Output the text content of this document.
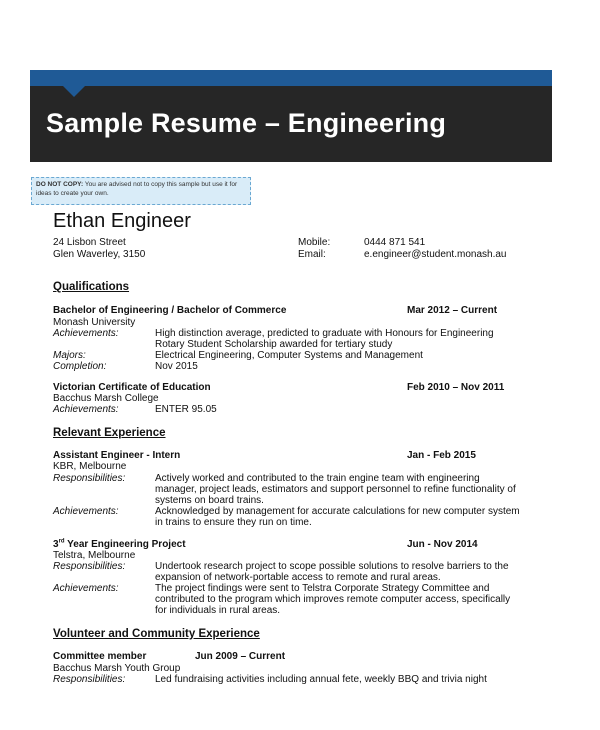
Sample Resume – Engineering
DO NOT COPY: You are advised not to copy this sample but use it for ideas to create your own.
Ethan Engineer
24 Lisbon Street
Glen Waverley, 3150
Mobile:	0444 871 541
Email:	e.engineer@student.monash.au
Qualifications
Bachelor of Engineering / Bachelor of Commerce	Mar 2012 – Current
Monash University
Achievements:	High distinction average, predicted to graduate with Honours for Engineering
Rotary Student Scholarship awarded for tertiary study
Majors:	Electrical Engineering, Computer Systems and Management
Completion:	Nov 2015
Victorian Certificate of Education	Feb 2010 – Nov 2011
Bacchus Marsh College
Achievements:	ENTER 95.05
Relevant Experience
Assistant Engineer - Intern	Jan - Feb 2015
KBR, Melbourne
Responsibilities:	Actively worked and contributed to the train engine team with engineering
manager, project leads, estimators and support personnel to refine functionality of
systems on board trains.
Achievements:	Acknowledged by management for accurate calculations for new computer system
in trains to ensure they run on time.
3rd Year Engineering Project	Jun - Nov 2014
Telstra, Melbourne
Responsibilities:	Undertook research project to scope possible solutions to resolve barriers to the
expansion of network-portable access to remote and rural areas.
Achievements:	The project findings were sent to Telstra Corporate Strategy Committee and
contributed to the program which improves remote computer access, specifically
for individuals in rural areas.
Volunteer and Community Experience
Committee member	Jun 2009 – Current
Bacchus Marsh Youth Group
Responsibilities:	Led fundraising activities including annual fete, weekly BBQ and trivia night
